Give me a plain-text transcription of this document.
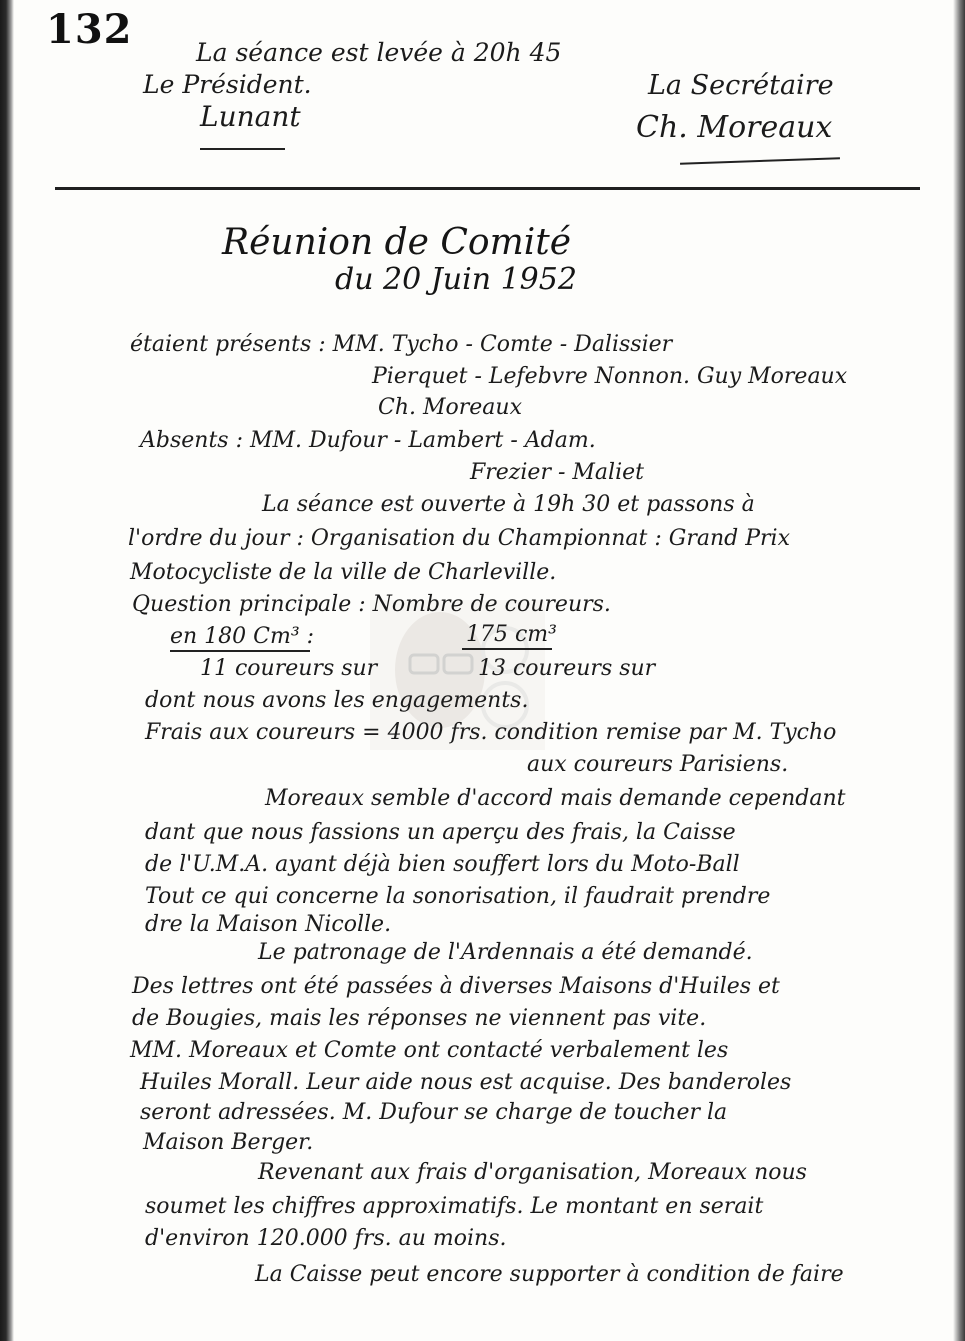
132	La séance est levée à 20h 45
Le Président.
Lunant
La Secrétaire
Ch. Moreaux
Réunion de Comité
du 20 Juin 1952
étaient présents : MM. Tycho - Comte - Dalissier
Pierquet - Lefebvre Nonnon. Guy Moreaux
Ch. Moreaux
Absents : MM. Dufour - Lambert - Adam.
Frezier - Maliet
La séance est ouverte à 19h 30 et passons à
l'ordre du jour : Organisation du Championnat : Grand Prix
Motocycliste de la ville de Charleville.
Question principale : Nombre de coureurs.
en 180 Cm³ :	175 cm³
11 coureurs sur	13 coureurs sur
dont nous avons les engagements.
Frais aux coureurs = 4000 frs. condition remise par M. Tycho
aux coureurs Parisiens.
Moreaux semble d'accord mais demande cependant
dant que nous fassions un aperçu des frais, la Caisse
de l'U.M.A. ayant déjà bien souffert lors du Moto-Ball
Tout ce qui concerne la sonorisation, il faudrait prendre
dre la Maison Nicolle.
Le patronage de l'Ardennais a été demandé.
Des lettres ont été passées à diverses Maisons d'Huiles et
de Bougies, mais les réponses ne viennent pas vite.
MM. Moreaux et Comte ont contacté verbalement les
Huiles Morall. Leur aide nous est acquise. Des banderoles
seront adressées. M. Dufour se charge de toucher la
Maison Berger.
Revenant aux frais d'organisation, Moreaux nous
soumet les chiffres approximatifs. Le montant en serait
d'environ 120.000 frs. au moins.
La Caisse peut encore supporter à condition de faire
